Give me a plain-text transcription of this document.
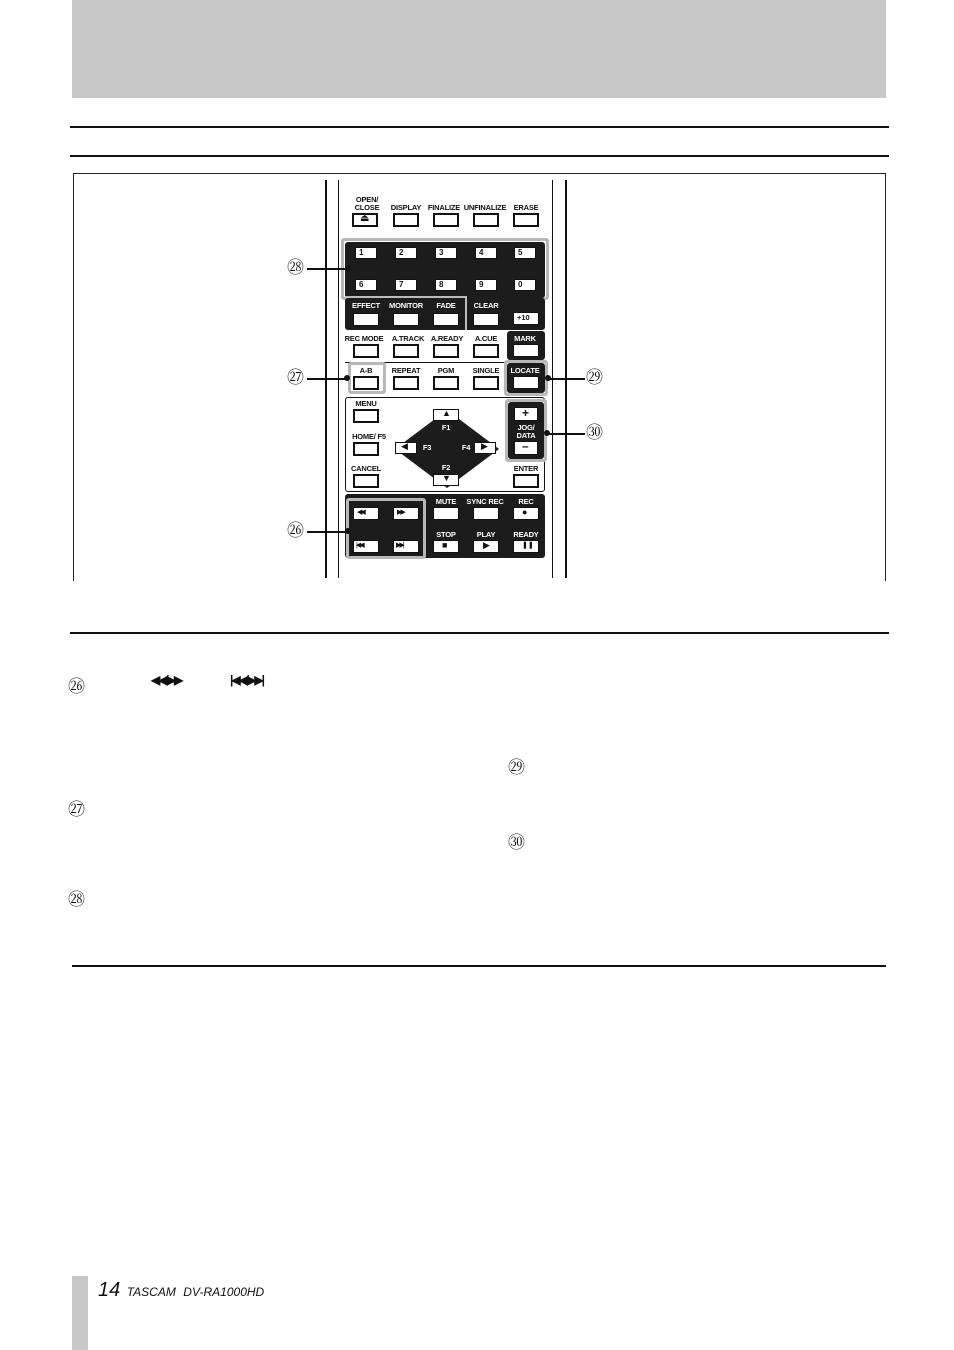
OPEN/
CLOSE
⏏
DISPLAY FINALIZE UNFINALIZE ERASE
1	2	3	4	5
6	7	8	9	0
EFFECT	MONITOR	FADE	CLEAR
+10
REC MODE	A.TRACK A.READY	A.CUE	MARK
A-B	REPEAT	PGM	SINGLE	LOCATE
MENU
HOME/ F5
CANCEL	ENTER
▲
F1
◀	F3	F4	▶
F2
▼
+
JOG/
DATA
–
◀◀	▶▶
|◀◀	▶▶|
MUTE	SYNC REC	REC
●
STOP
■
PLAY
▶
READY
❚❚
㉘
㉗
㉖
㉙
㉚
㉖	◀◀/▶▶	|◀◀/▶▶|
㉗
㉘
㉙
㉚
14 TASCAM DV-RA1000HD
